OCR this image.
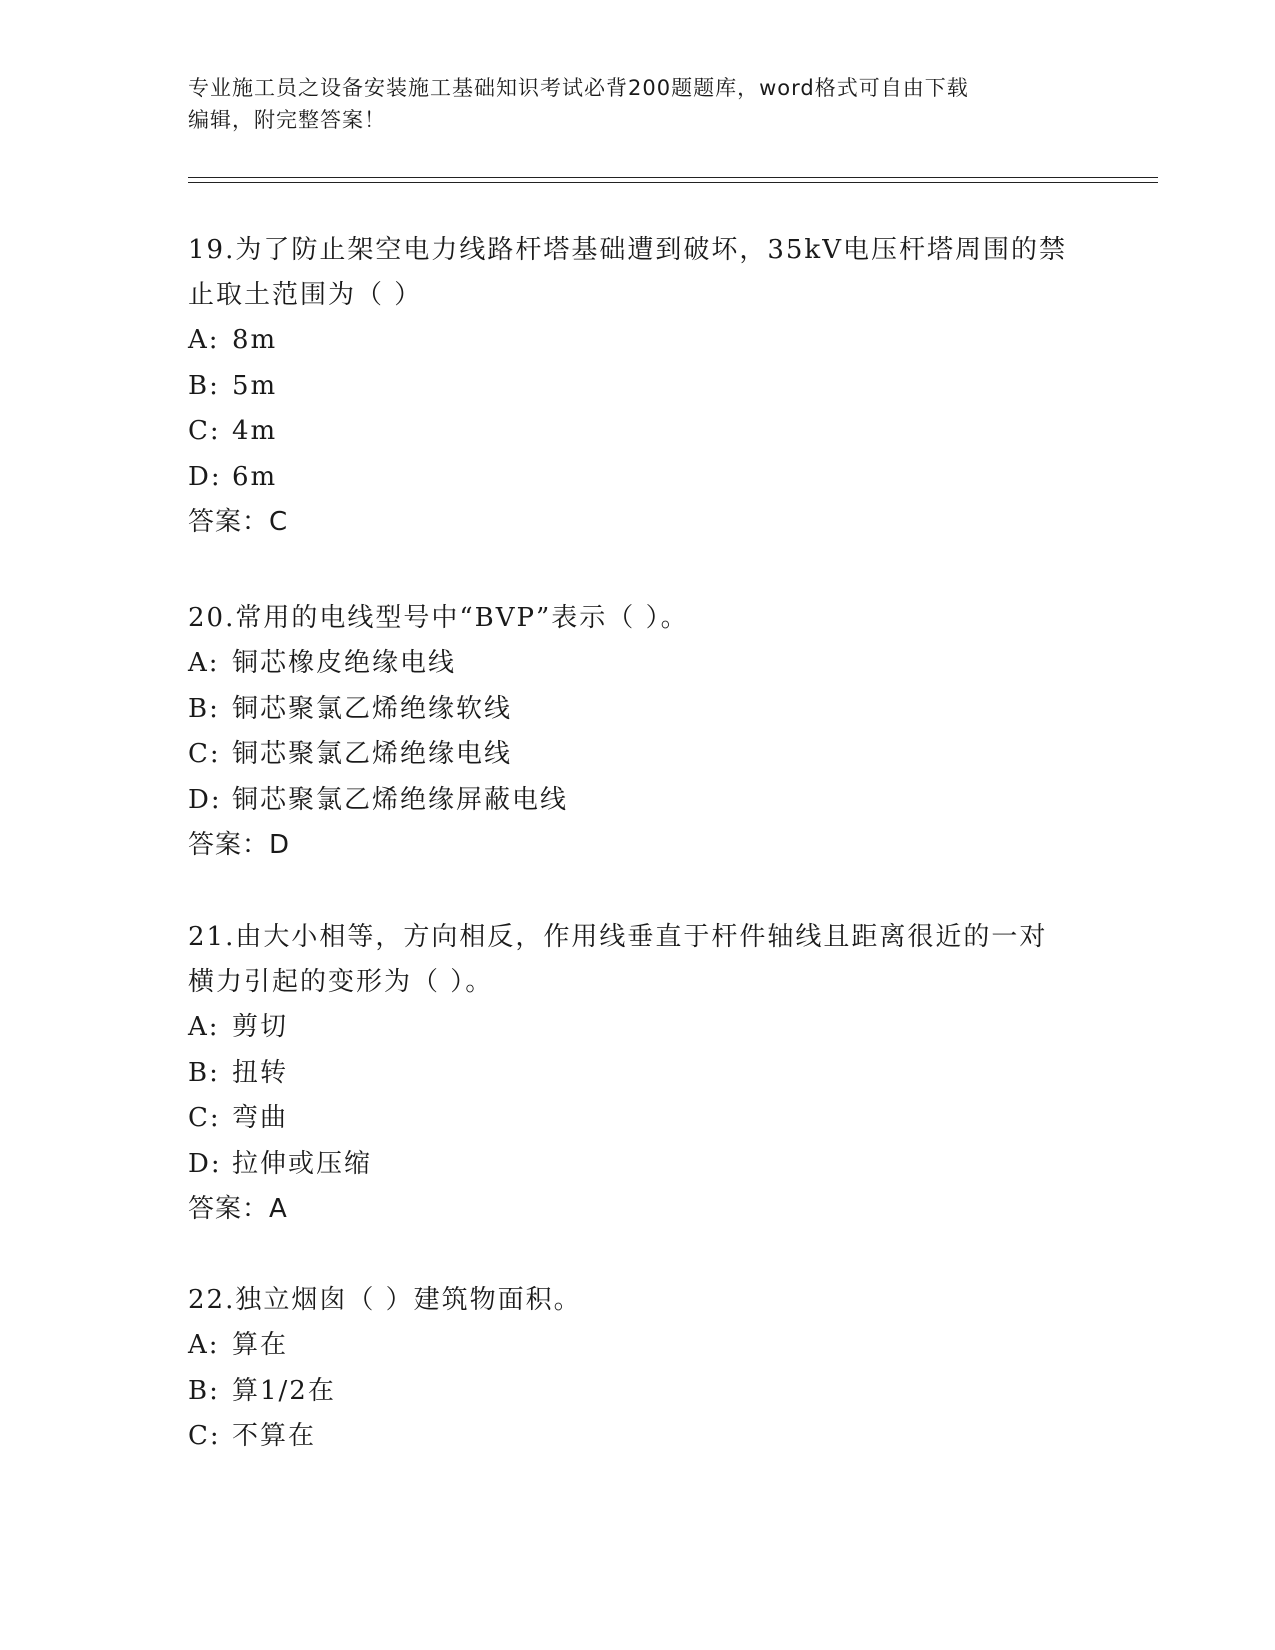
专业施工员之设备安装施工基础知识考试必背200题题库，word格式可自由下载
编辑，附完整答案！
19.为了防止架空电力线路杆塔基础遭到破坏，35kV电压杆塔周围的禁
止取土范围为（ ）
A: 8m
B: 5m
C: 4m
D: 6m
答案：C
20.常用的电线型号中“BVP”表示（ ）。
A: 铜芯橡皮绝缘电线
B: 铜芯聚氯乙烯绝缘软线
C: 铜芯聚氯乙烯绝缘电线
D: 铜芯聚氯乙烯绝缘屏蔽电线
答案：D
21.由大小相等，方向相反，作用线垂直于杆件轴线且距离很近的一对
横力引起的变形为（ ）。
A: 剪切
B: 扭转
C: 弯曲
D: 拉伸或压缩
答案：A
22.独立烟囱（ ）建筑物面积。
A: 算在
B: 算1/2在
C: 不算在
